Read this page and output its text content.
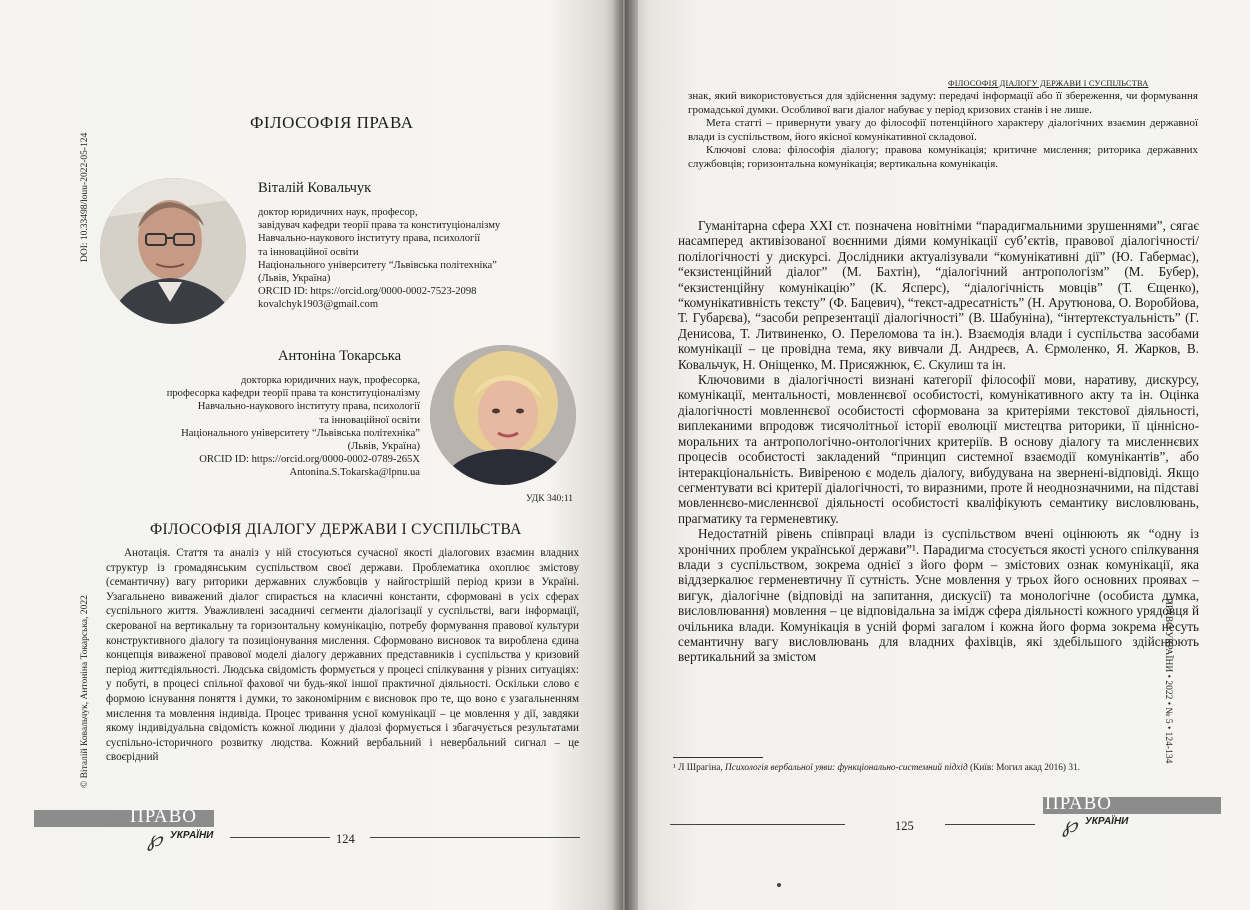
DOI: 10.33498/louu-2022-05-124
© Віталій Ковальчук, Антоніна Токарська, 2022
ФІЛОСОФІЯ ПРАВА
Віталій Ковальчук
доктор юридичних наук, професор,
завідувач кафедри теорії права та конституціоналізму
Навчально-наукового інституту права, психології
та інноваційної освіти
Національного університету “Львівська політехніка”
(Львів, Україна)
ORCID ID: https://orcid.org/0000-0002-7523-2098
kovalchyk1903@gmail.com
Антоніна Токарська
докторка юридичних наук, професорка,
професорка кафедри теорії права та конституціоналізму
Навчально-наукового інституту права, психології
та інноваційної освіти
Національного університету “Львівська політехніка”
(Львів, Україна)
ORCID ID: https://orcid.org/0000-0002-0789-265X
Antonina.S.Tokarska@lpnu.ua
УДК 340:11
ФІЛОСОФІЯ ДІАЛОГУ ДЕРЖАВИ І СУСПІЛЬСТВА

Анотація. Стаття та аналіз у ній стосуються сучасної якості діалогових взаємин владних структур із громадянським суспільством своєї держави. Проблематика охоплює змістову (семантичну) вагу риторики державних службовців у найгострішій період кризи в Україні. Узагальнено виважений діалог спирається на класичні константи, сформовані в усіх сферах суспільного життя. Уважливлені засадничі сегменти діалогізації у суспільстві, ваги інформації, скерованої на вертикальну та горизонтальну комунікацію, потребу формування правової культури конструктивного діалогу та позиціонування мислення. Сформовано висновок та вироблена єдина концепція виваженої правової моделі діалогу державних представників і суспільства у кризовий період життєдіяльності. Людська свідомість формується у процесі спілкування у різних ситуаціях: у побуті, в процесі спільної фахової чи будь-якої іншої практичної діяльності. Оскільки слово є формою існування поняття і думки, то закономірним є висновок про те, що воно є узагальненням мислення та мовлення індивіда. Процес тривання усної комунікації – це мовлення у дії, завдяки якому індивідуальна свідомість кожної людини у діалозі формується і збагачується результатами суспільно-історичного розвитку людства. Кожний вербальний і невербальний сигнал – це своєрідний

ПРАВО
℘ УКРАЇНИ	124
ФІЛОСОФІЯ ДІАЛОГУ ДЕРЖАВИ І СУСПІЛЬСТВА

знак, який використовується для здійснення задуму: передачі інформації або її збереження, чи формування громадської думки. Особливої ваги діалог набуває у період кризових станів і не лише.

Мета статті – привернути увагу до філософії потенційного характеру діалогічних взаємин державної влади із суспільством, його якісної комунікативної складової.

Ключові слова: філософія діалогу; правова комунікація; критичне мислення; риторика державних службовців; горизонтальна комунікація; вертикальна комунікація.

Гуманітарна сфера XXI ст. позначена новітніми “парадигмальними зрушеннями”, сягає насамперед активізованої воєнними діями комунікації суб’єктів, правової діалогічності/полілогічності у дискурсі. Дослідники актуалізували “комунікативні дії” (Ю. Габермас), “екзистенційний діалог” (М. Бахтін), “діалогічний антропологізм” (М. Бубер), “екзистенційну комунікацію” (К. Ясперс), “діалогічність мовців” (Т. Єщенко), “комунікативність тексту” (Ф. Бацевич), “текст-адресатність” (Н. Арутюнова, О. Воробйова, Т. Губарєва), “засоби репрезентації діалогічності” (В. Шабуніна), “інтертекстуальність” (Г. Денисова, Т. Литвиненко, О. Переломова та ін.). Взаємодія влади і суспільства засобами комунікації – це провідна тема, яку вивчали Д. Андреєв, А. Єрмоленко, Я. Жарков, В. Ковальчук, Н. Оніщенко, М. Присяжнюк, Є. Скулиш та ін.

Ключовими в діалогічності визнані категорії філософії мови, наративу, дискурсу, комунікації, ментальності, мовленнєвої особистості, комунікативного акту та ін. Оцінка діалогічності мовленнєвої особистості сформована за критеріями текстової діяльності, виплеканими впродовж тисячолітньої історії еволюції мистецтва риторики, її ціннісно-моральних та антропологічно-онтологічних критеріїв. В основу діалогу та мисленнєвих процесів особистості закладений “принцип системної взаємодії комунікантів”, або інтеракціональність. Вивіреною є модель діалогу, вибудувана на звернені-відповіді. Якщо сегментувати всі критерії діалогічності, то виразними, проте й неоднозначними, на підставі мовленнєво-мисленнєвої діяльності особистості кваліфікують семантику висловлювань, прагматику та герменевтику.

Недостатній рівень співпраці влади із суспільством вчені оцінюють як “одну із хронічних проблем української держави”¹. Парадигма стосується якості усного спілкування влади з суспільством, зокрема однієї з його форм – змістових ознак комунікації, яка віддзеркалює герменевтичну її сутність. Усне мовлення у трьох його основних проявах – вигук, діалогічне (відповіді на запитання, дискусії) та монологічне (особиста думка, висловлювання) мовлення – це відповідальна за імідж сфера діяльності кожного урядовця й очільника влади. Комунікація в усній формі загалом і кожна його форма зокрема несуть семантичну вагу висловлювань для владних фахівців, які здебільшого здійснюють вертикальний за змістом	ПРАВО УКРАЇНИ • 2022 • № 5 • 124-134
¹ Л Шрагіна, Психологія вербальної уяви: функціонально-системний підхід (Київ: Могил акад 2016) 31.
125
ПРАВО
℘ УКРАЇНИ
